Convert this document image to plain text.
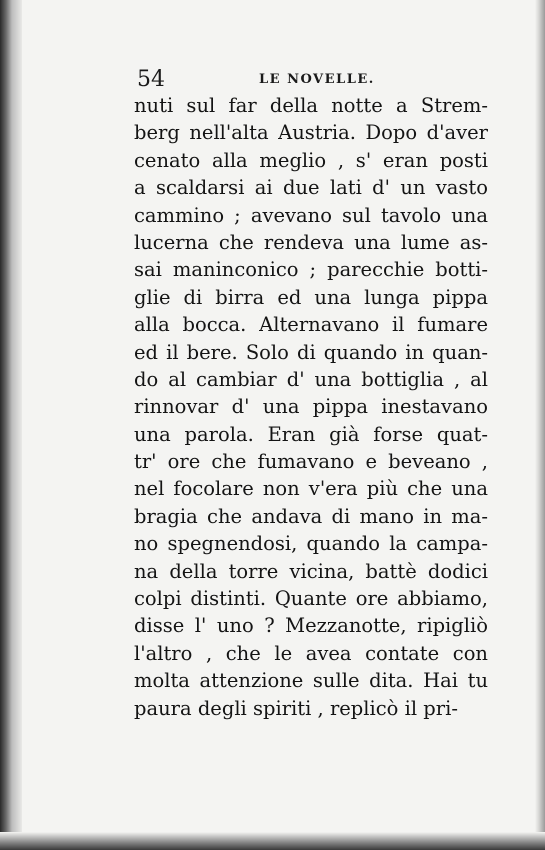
54	LE NOVELLE.
nuti sul far della notte a Strem-
berg nell'alta Austria. Dopo d'aver
cenato alla meglio , s' eran posti
a scaldarsi ai due lati d' un vasto
cammino ; avevano sul tavolo una
lucerna che rendeva una lume as-
sai maninconico ; parecchie botti-
glie di birra ed una lunga pippa
alla bocca. Alternavano il fumare
ed il bere. Solo di quando in quan-
do al cambiar d' una bottiglia , al
rinnovar d' una pippa inestavano
una parola. Eran già forse quat-
tr' ore che fumavano e beveano ,
nel focolare non v'era più che una
bragia che andava di mano in ma-
no spegnendosi, quando la campa-
na della torre vicina, battè dodici
colpi distinti. Quante ore abbiamo,
disse l' uno ? Mezzanotte, ripigliò
l'altro , che le avea contate con
molta attenzione sulle dita. Hai tu
paura degli spiriti , replicò il pri-
